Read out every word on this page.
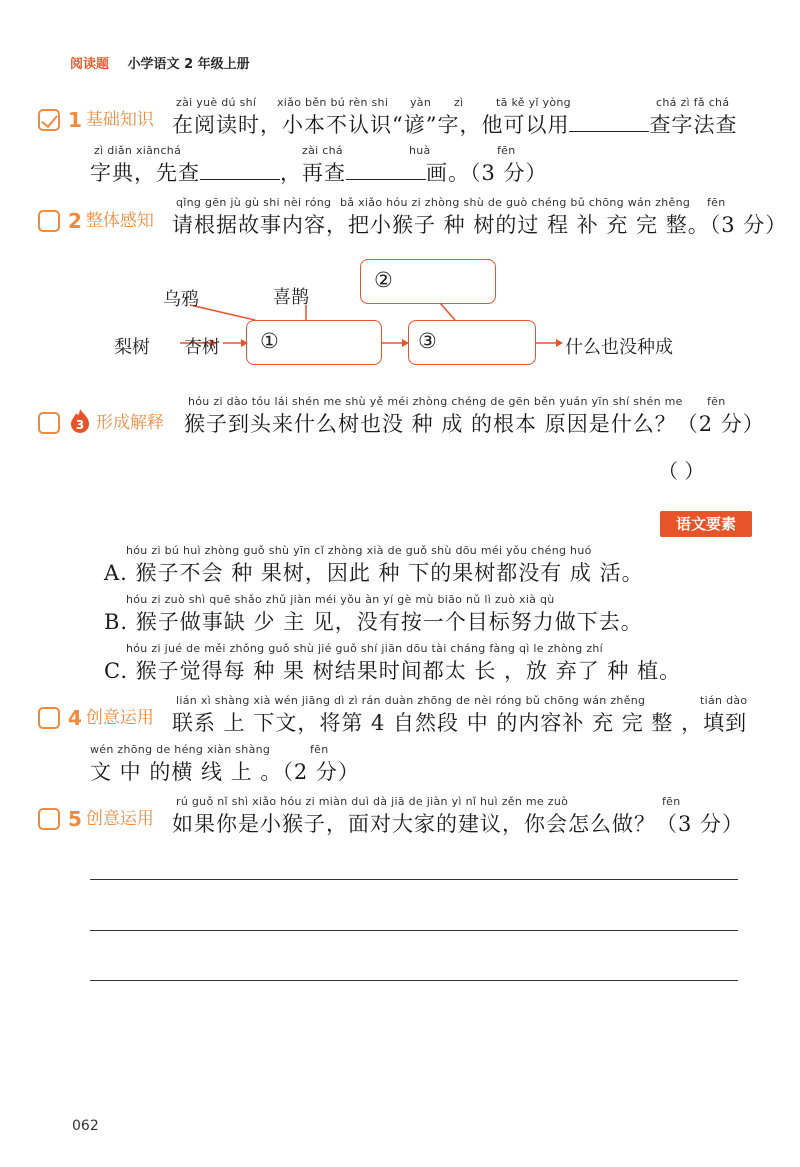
阅读题 小学语文 2 年级上册
1 基础知识
zài yuè dú shí xiǎo běn bú rèn shi yàn zì	tā kě yǐ yòng	chá zì fǎ chá
在阅读时，小本不认识“谚”字，他可以用	查字法查
zì diǎn xiānchá	zài chá	huà	fēn
字典，先查	，再查	画。（3 分）
2 整体感知
qǐng gēn jù gù shi nèi róng bǎ xiǎo hóu zi zhòng shù de guò chéng bǔ chōng wán zhěng fēn
请根据故事内容，把小猴子 种 树的过 程 补 充 完 整。（3 分）
乌鸦	喜鹊
梨树 杏树 ①
②
③	什么也没种成
3 形成解释
hóu zi dào tóu lái shén me shù yě méi zhòng chéng de gēn běn yuán yīn shí shén me fēn
猴子到头来什么树也没 种 成 的根本 原因是什么？（2 分）
（ ）
语文要素
hóu zi bú huì zhòng guǒ shù yīn cǐ zhòng xià de guǒ shù dōu méi yǒu chéng huó
A. 猴子不会 种 果树，因此 种 下的果树都没有 成 活。
hóu zi zuò shì quē shǎo zhǔ jiàn méi yǒu àn yí gè mù biāo nǔ lì zuò xià qù
B. 猴子做事缺 少 主 见，没有按一个目标努力做下去。
hóu zi jué de měi zhǒng guǒ shù jié guǒ shí jiān dōu tài cháng fàng qì le zhòng zhí
C. 猴子觉得每 种 果 树结果时间都太 长 ，放 弃了 种 植。
4 创意运用
lián xì shàng xià wén jiāng dì zì rán duàn zhōng de nèi róng bǔ chōng wán zhěng	tián dào
联系 上 下文，将第 4 自然段 中 的内容补 充 完 整 ，填到
wén zhōng de héng xiàn shàng	fēn
文 中 的横 线 上 。（2 分）
5 创意运用
rú guǒ nǐ shì xiǎo hóu zi miàn duì dà jiā de jiàn yì nǐ huì zěn me zuò	fēn
如果你是小猴子，面对大家的建议，你会怎么做？（3 分）
062
